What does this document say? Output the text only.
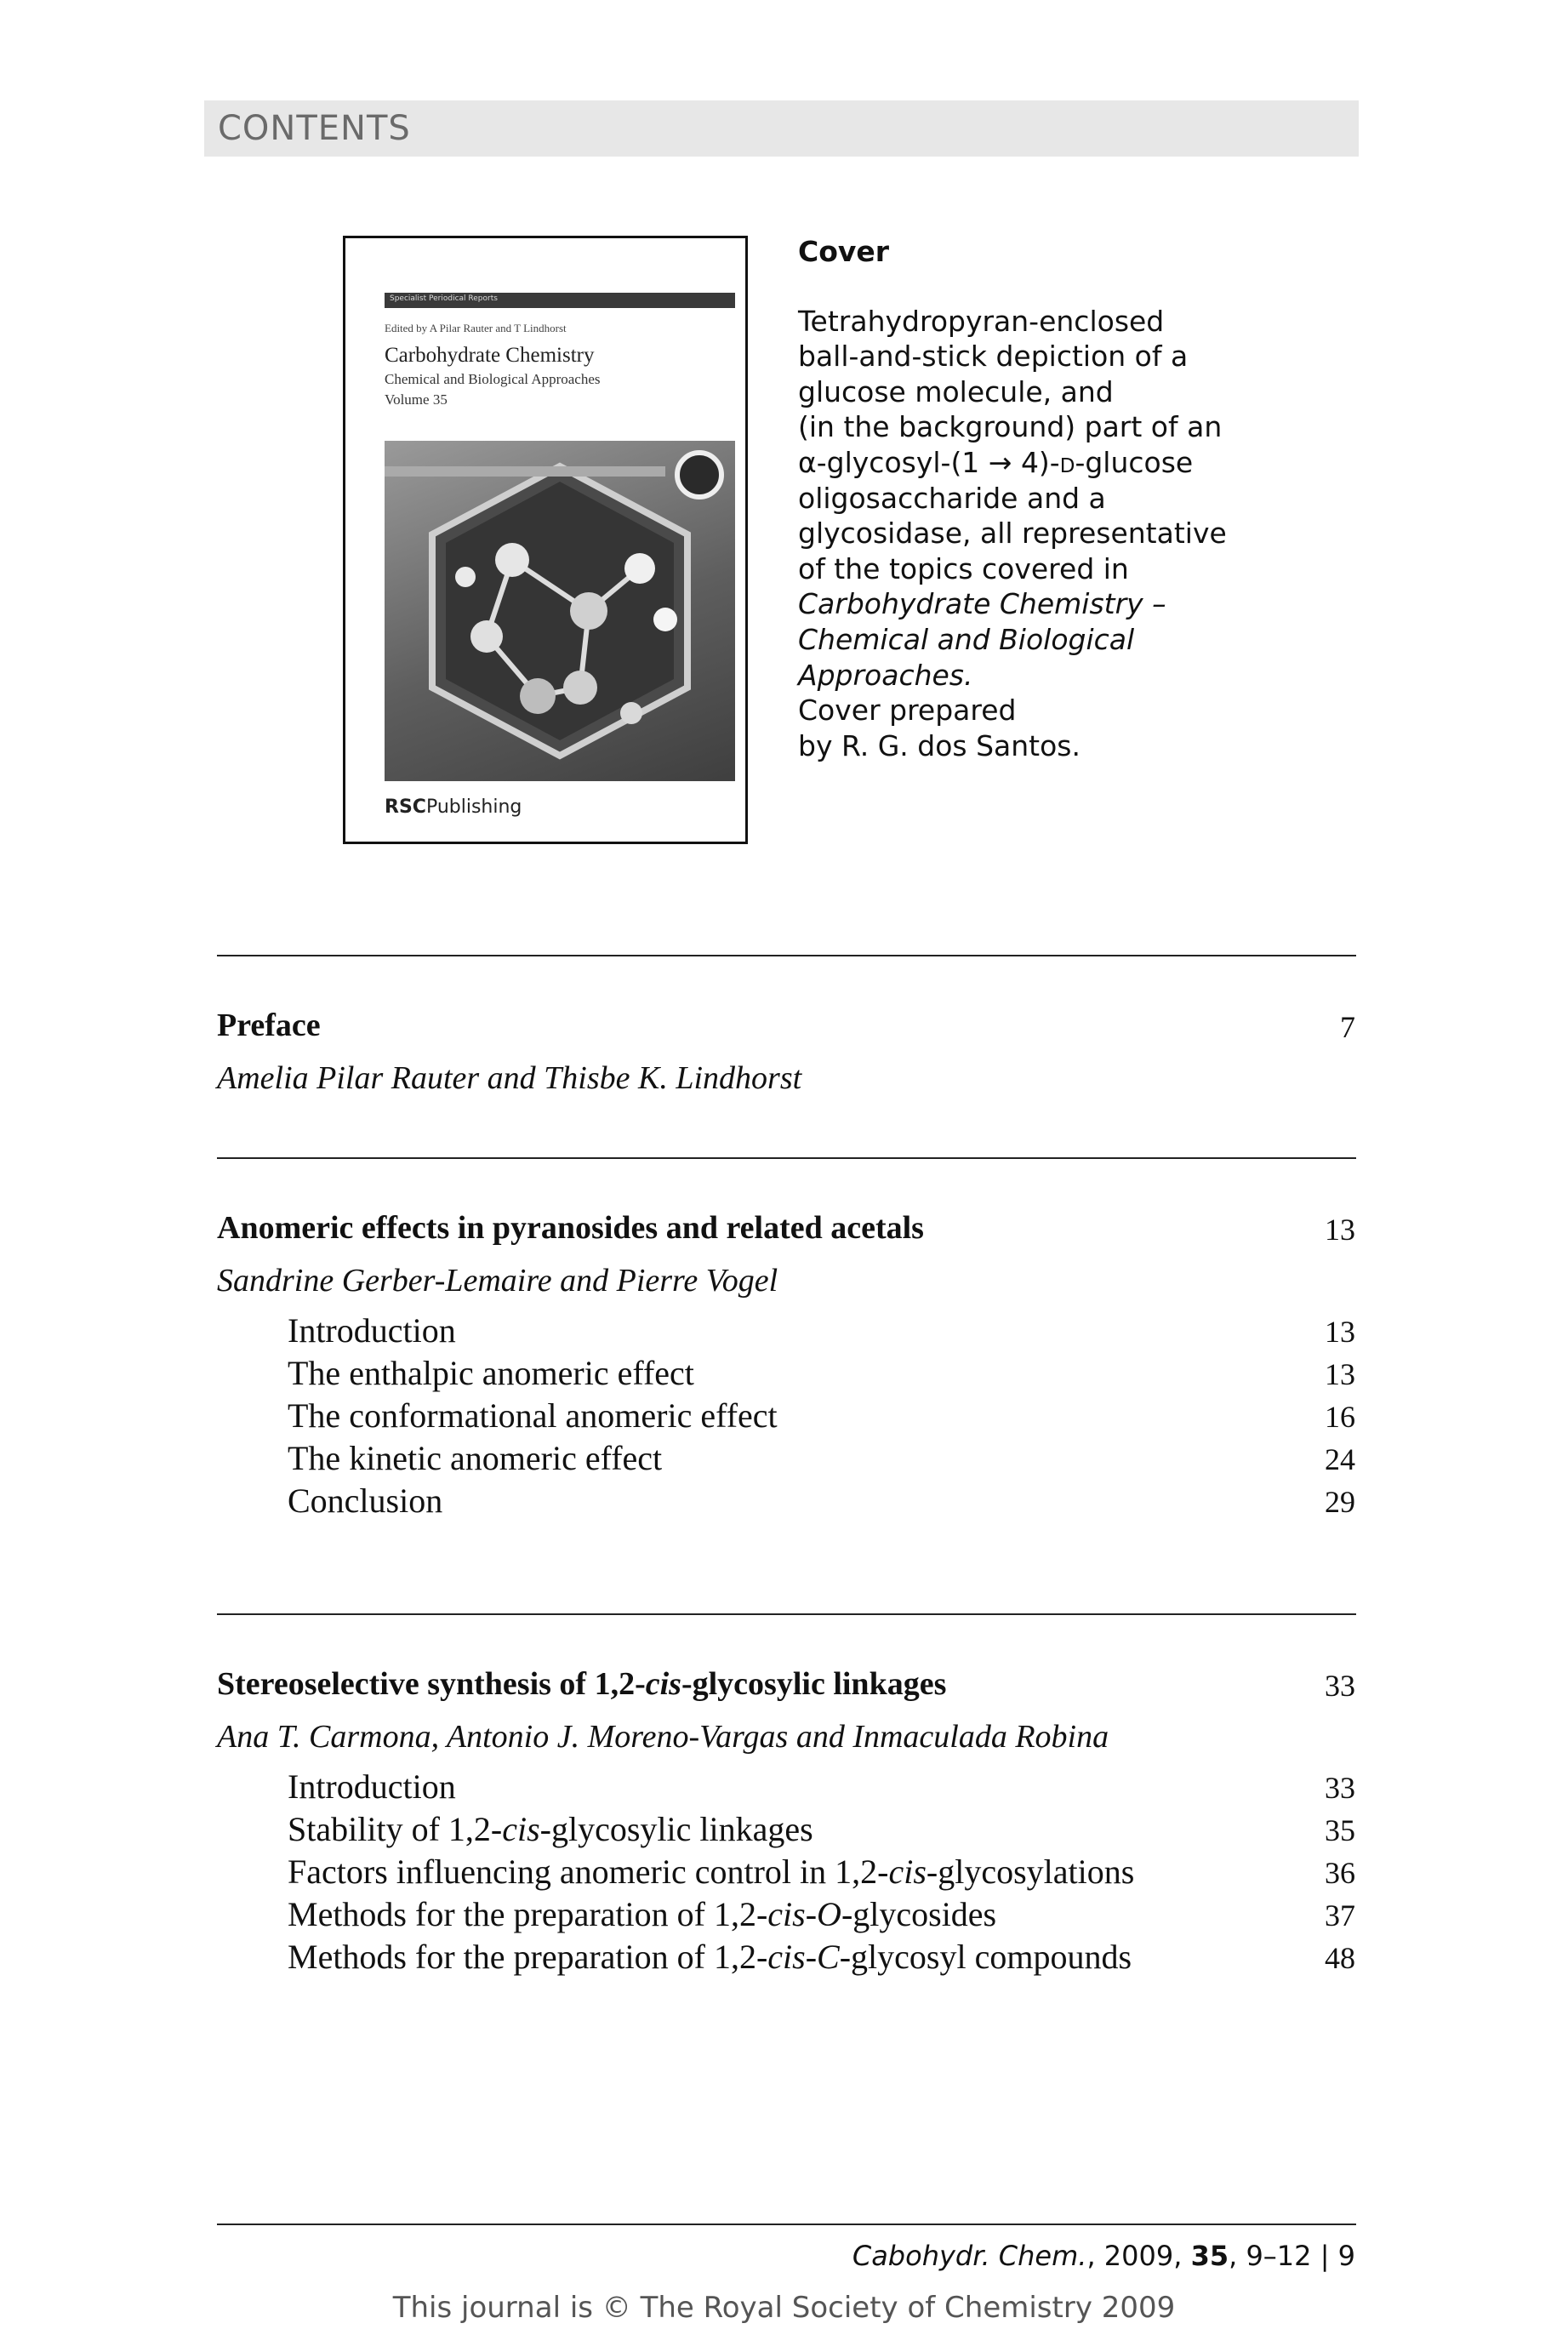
CONTENTS
Specialist Periodical Reports
Edited by A Pilar Rauter and T Lindhorst
Carbohydrate Chemistry
Chemical and Biological Approaches
Volume 35
RSCPublishing
Cover
Tetrahydropyran-enclosed
ball-and-stick depiction of a
glucose molecule, and
(in the background) part of an
α-glycosyl-(1 → 4)-d-glucose
oligosaccharide and a
glycosidase, all representative
of the topics covered in
Carbohydrate Chemistry –
Chemical and Biological
Approaches.
Cover prepared
by R. G. dos Santos.
Preface	7
Amelia Pilar Rauter and Thisbe K. Lindhorst
Anomeric effects in pyranosides and related acetals	13
Sandrine Gerber-Lemaire and Pierre Vogel
Introduction	13
The enthalpic anomeric effect	13
The conformational anomeric effect	16
The kinetic anomeric effect	24
Conclusion	29
Stereoselective synthesis of 1,2-cis-glycosylic linkages	33
Ana T. Carmona, Antonio J. Moreno-Vargas and Inmaculada Robina
Introduction	33
Stability of 1,2-cis-glycosylic linkages	35
Factors influencing anomeric control in 1,2-cis-glycosylations	36
Methods for the preparation of 1,2-cis-O-glycosides	37
Methods for the preparation of 1,2-cis-C-glycosyl compounds	48
Cabohydr. Chem., 2009, 35, 9–12 | 9
This journal is © The Royal Society of Chemistry 2009
